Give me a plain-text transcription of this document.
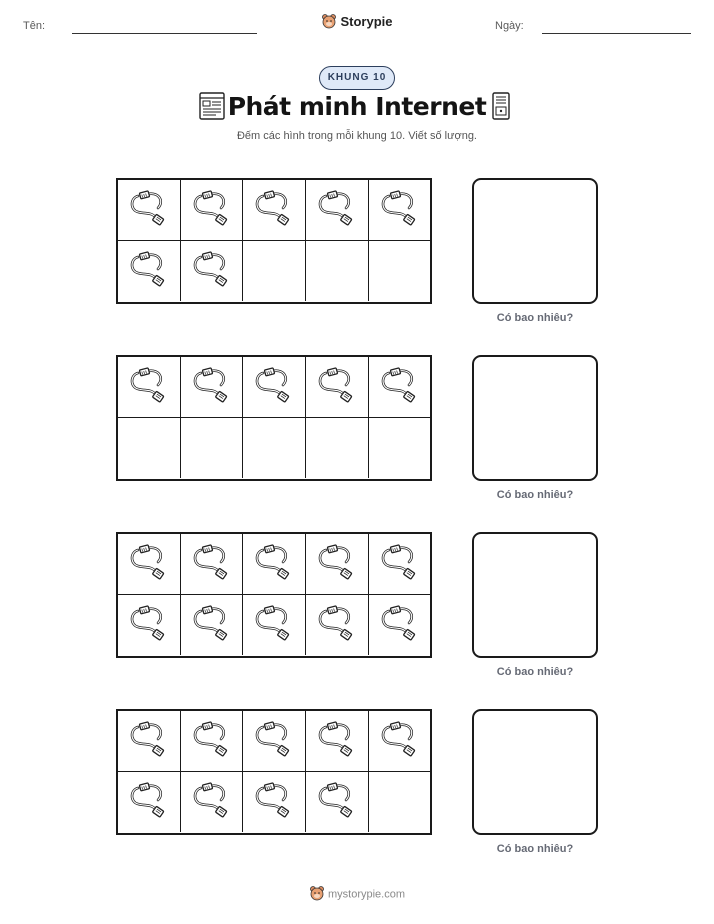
Tên:	Ngày:
Storypie
KHUNG 10
Phát minh Internet
Đếm các hình trong mỗi khung 10. Viết số lượng.
Có bao nhiêu?
Có bao nhiêu?
Có bao nhiêu?
Có bao nhiêu?
mystorypie.com
